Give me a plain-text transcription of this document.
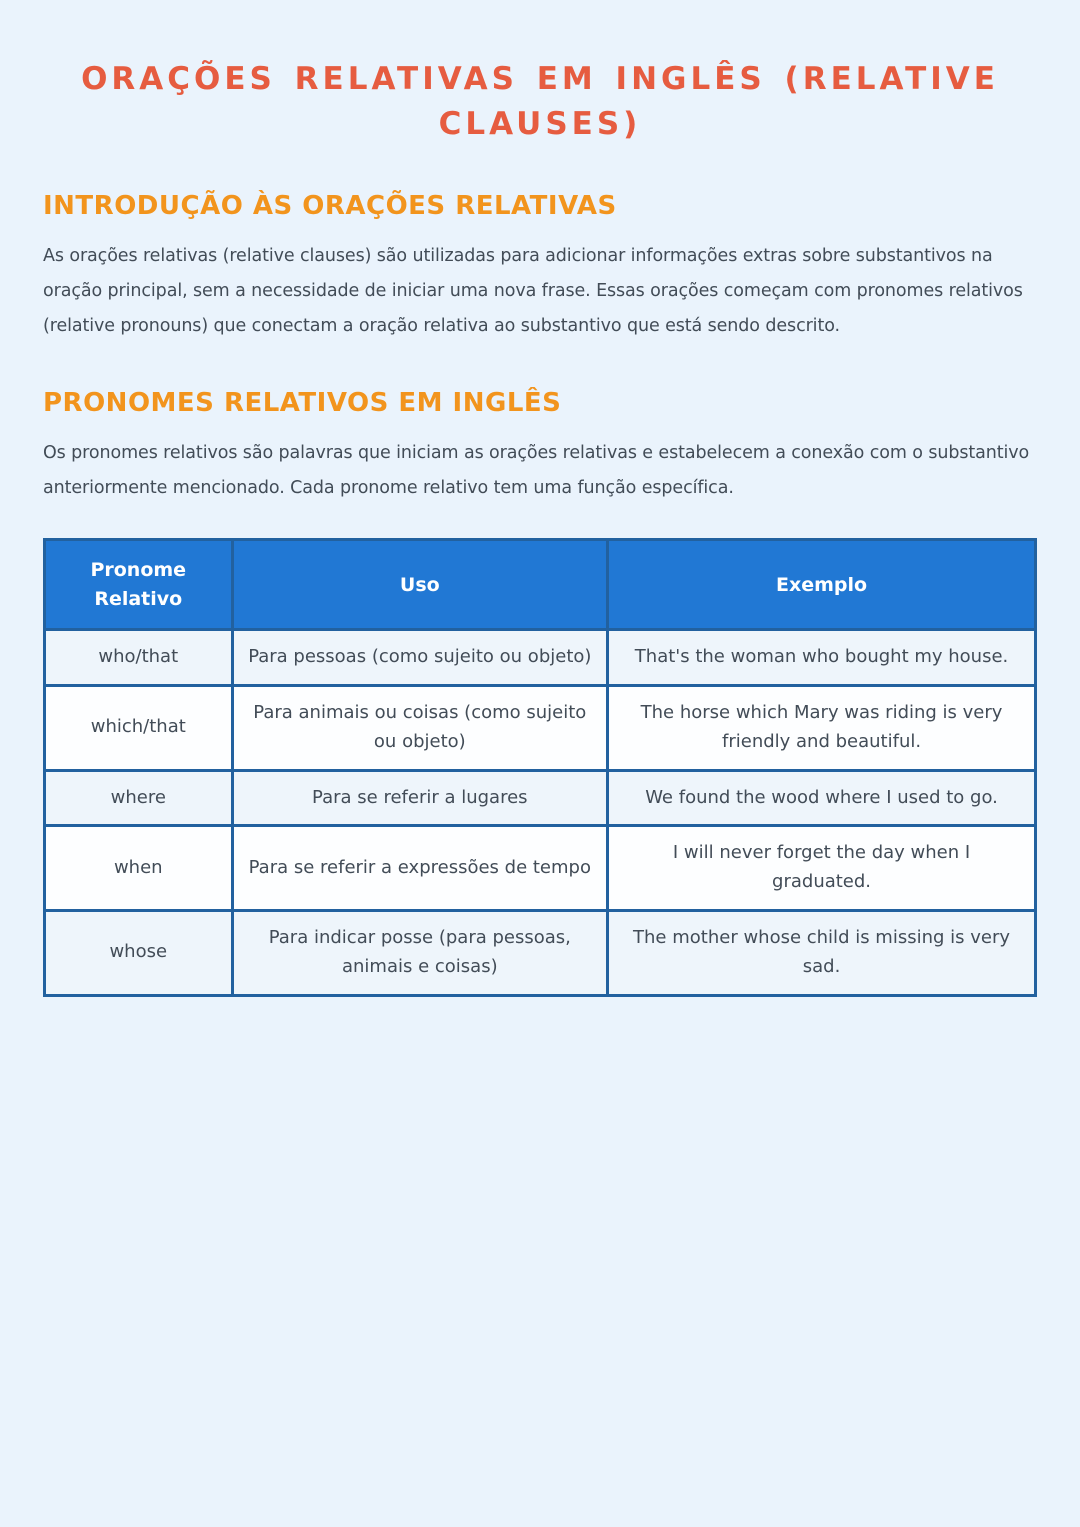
ORAÇÕES RELATIVAS EM INGLÊS (RELATIVE CLAUSES)
INTRODUÇÃO ÀS ORAÇÕES RELATIVAS

As orações relativas (relative clauses) são utilizadas para adicionar informações extras sobre substantivos na oração principal, sem a necessidade de iniciar uma nova frase. Essas orações começam com pronomes relativos (relative pronouns) que conectam a oração relativa ao substantivo que está sendo descrito.

PRONOMES RELATIVOS EM INGLÊS

Os pronomes relativos são palavras que iniciam as orações relativas e estabelecem a conexão com o substantivo anteriormente mencionado. Cada pronome relativo tem uma função específica.

Pronome Relativo	Uso	Exemplo
who/that	Para pessoas (como sujeito ou objeto)	That's the woman who bought my house.
which/that	Para animais ou coisas (como sujeito ou objeto)	The horse which Mary was riding is very friendly and beautiful.
where	Para se referir a lugares	We found the wood where I used to go.
when	Para se referir a expressões de tempo	I will never forget the day when I graduated.
whose	Para indicar posse (para pessoas, animais e coisas)	The mother whose child is missing is very sad.
